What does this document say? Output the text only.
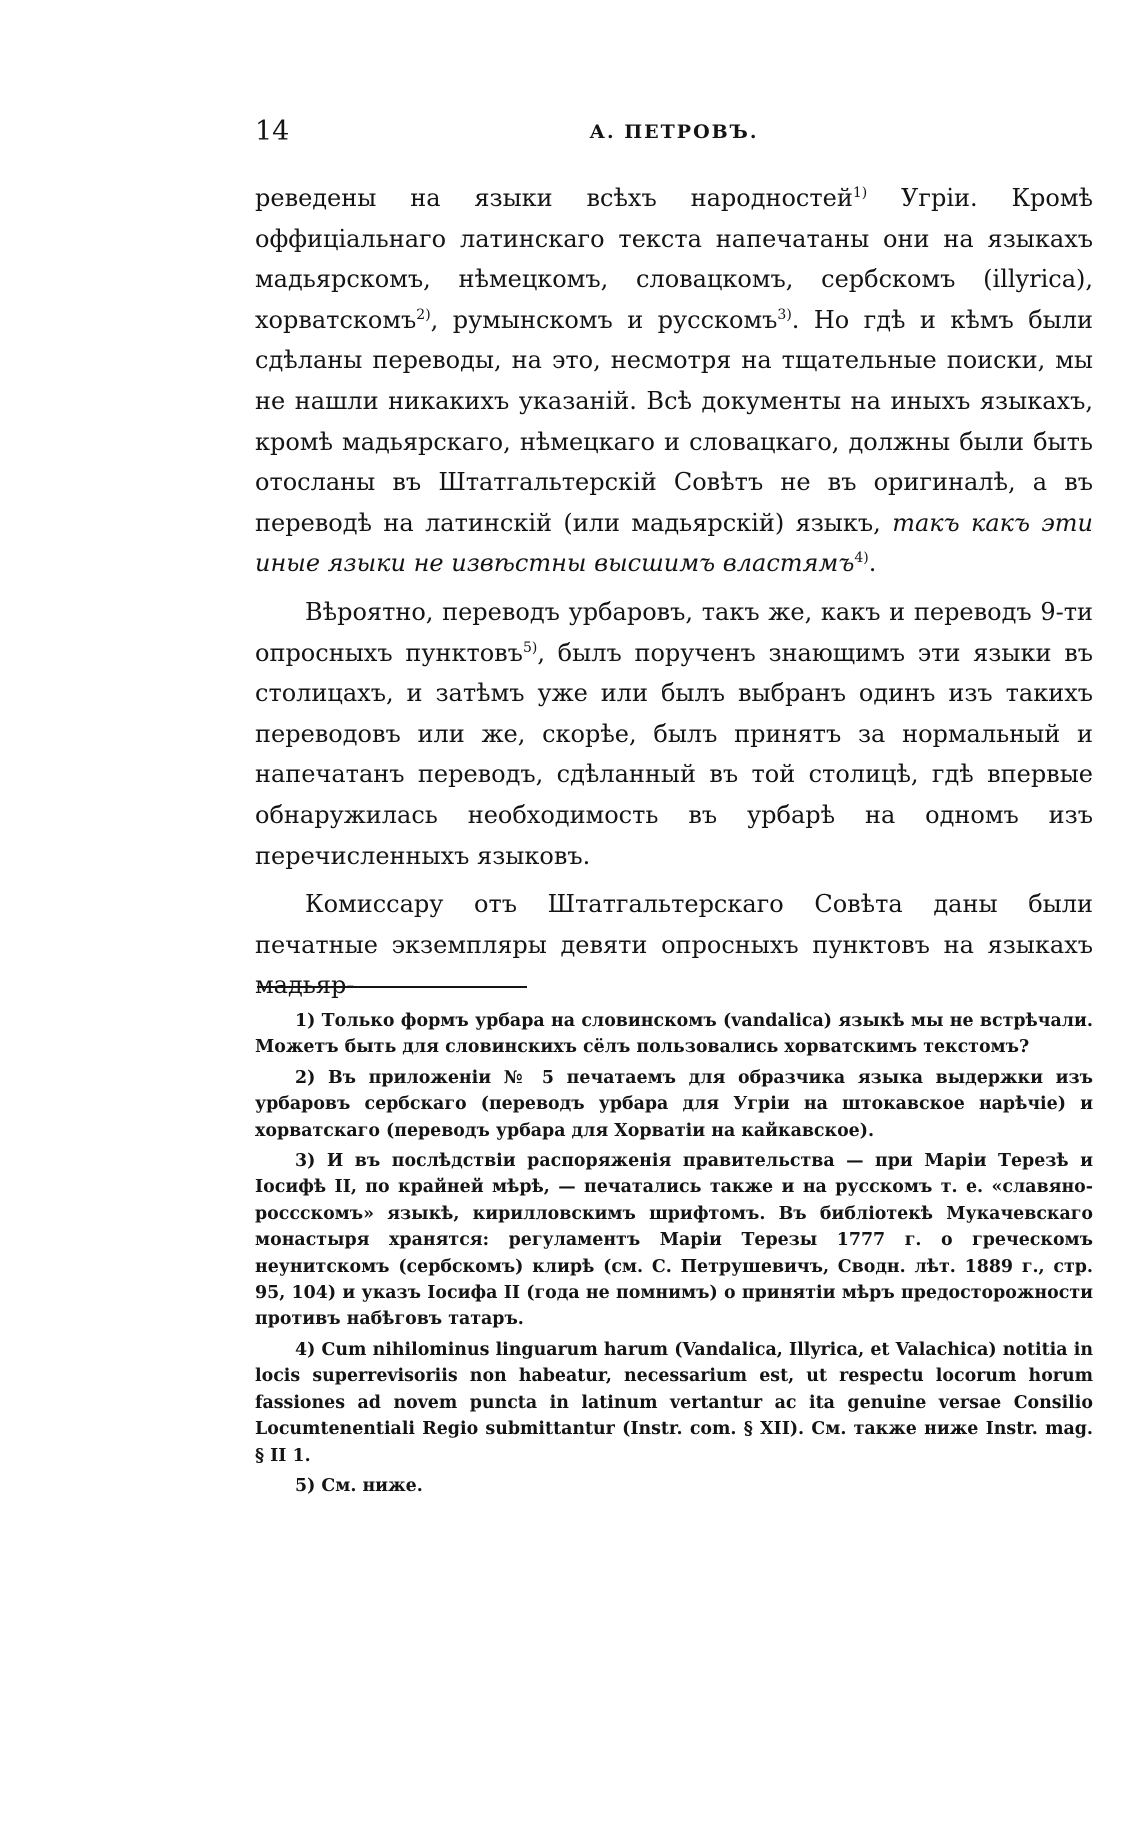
14	А. ПЕТРОВЪ.

реведены на языки всѣхъ народностей$^{1)}$ Угріи. Кромѣ оффиціальнаго латинскаго текста напечатаны они на языкахъ мадьярскомъ, нѣмецкомъ, словацкомъ, сербскомъ (illyrica), хорватскомъ$^{2)}$, румынскомъ и русскомъ$^{3)}$. Но гдѣ и кѣмъ были сдѣланы переводы, на это, несмотря на тщательные поиски, мы не нашли никакихъ указаній. Всѣ документы на иныхъ языкахъ, кромѣ мадьярскаго, нѣмецкаго и словацкаго, должны были быть отосланы въ Штатгальтерскій Совѣтъ не въ оригиналѣ, а въ переводѣ на латинскій (или мадьярскій) языкъ, такъ какъ эти иные языки не извѣстны высшимъ властямъ$^{4)}$.

Вѣроятно, переводъ урбаровъ, такъ же, какъ и переводъ 9-ти опросныхъ пунктовъ$^{5)}$, былъ порученъ знающимъ эти языки въ столицахъ, и затѣмъ уже или былъ выбранъ одинъ изъ такихъ переводовъ или же, скорѣе, былъ принятъ за нормальный и напечатанъ переводъ, сдѣланный въ той столицѣ, гдѣ впервые обнаружилась необходимость въ урбарѣ на одномъ изъ перечисленныхъ языковъ.

Комиссару отъ Штатгальтерскаго Совѣта даны были печатные экземпляры девяти опросныхъ пунктовъ на языкахъ мадьяр-

1) Только формъ урбара на словинскомъ (vandalica) языкѣ мы не встрѣчали. Можетъ быть для словинскихъ сёлъ пользовались хорватскимъ текстомъ?

2) Въ приложеніи № 5 печатаемъ для образчика языка выдержки изъ урбаровъ сербскаго (переводъ урбара для Угріи на штокавское нарѣчіе) и хорватскаго (переводъ урбара для Хорватіи на кайкавское).

3) И въ послѣдствіи распоряженія правительства — при Маріи Терезѣ и Іосифѣ II, по крайней мѣрѣ, — печатались также и на русскомъ т. е. «славяно-россскомъ» языкѣ, кирилловскимъ шрифтомъ. Въ библіотекѣ Мукачевскаго монастыря хранятся: регуламентъ Маріи Терезы 1777 г. о греческомъ неунитскомъ (сербскомъ) клирѣ (см. С. Петрушевичъ, Сводн. лѣт. 1889 г., стр. 95, 104) и указъ Іосифа II (года не помнимъ) о принятіи мѣръ предосторожности противъ набѣговъ татаръ.

4) Cum nihilominus linguarum harum (Vandalica, Illyrica, et Valachica) notitia in locis superrevisoriis non habeatur, necessarium est, ut respectu locorum horum fassiones ad novem puncta in latinum vertantur ac ita genuine versae Consilio Locumtenentiali Regio submittantur (Instr. com. § XII). См. также ниже Instr. mag. § II 1.

5) См. ниже.
